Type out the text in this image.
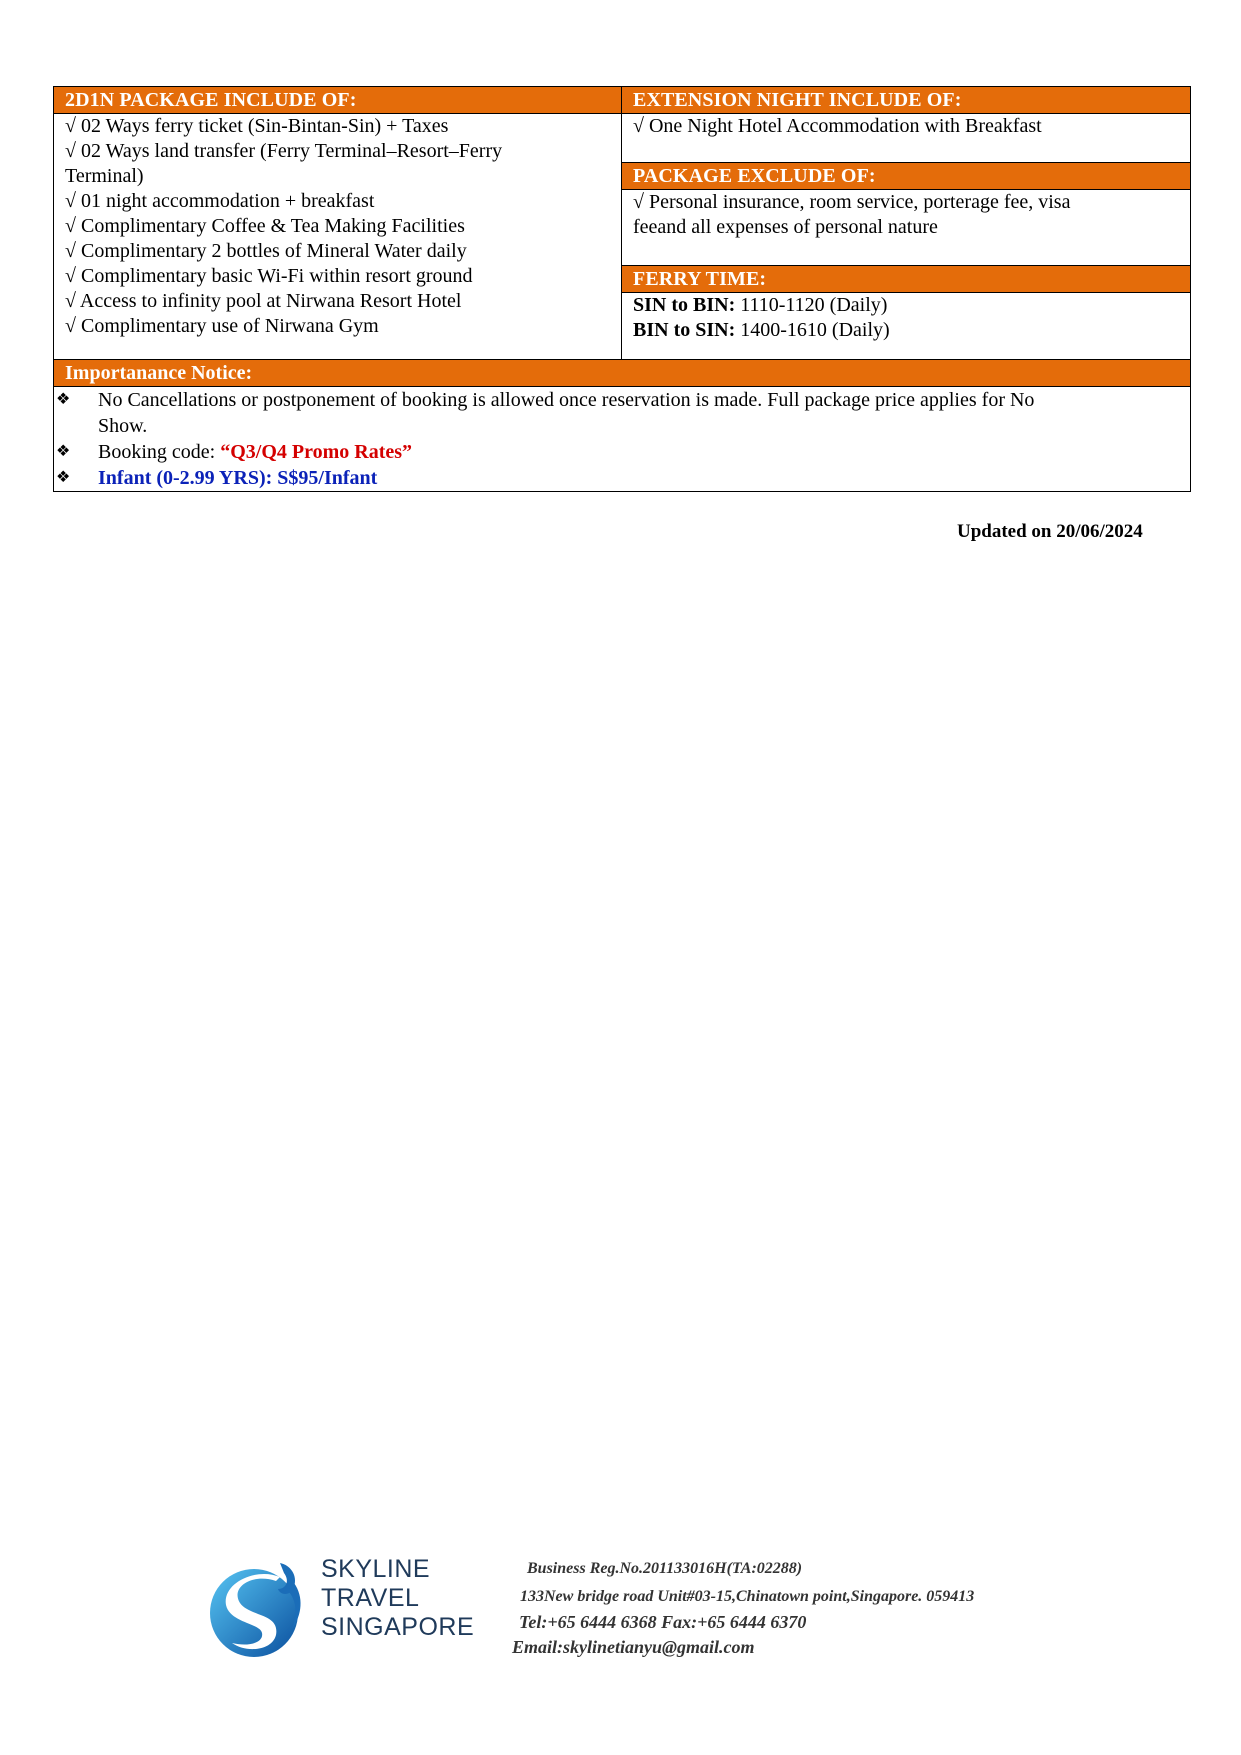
2D1N PACKAGE INCLUDE OF:
√ 02 Ways ferry ticket (Sin-Bintan-Sin) + Taxes
√ 02 Ways land transfer (Ferry Terminal–Resort–Ferry
Terminal)
√ 01 night accommodation + breakfast
√ Complimentary Coffee & Tea Making Facilities
√ Complimentary 2 bottles of Mineral Water daily
√ Complimentary basic Wi-Fi within resort ground
√ Access to infinity pool at Nirwana Resort Hotel
√ Complimentary use of Nirwana Gym
EXTENSION NIGHT INCLUDE OF:
√ One Night Hotel Accommodation with Breakfast
PACKAGE EXCLUDE OF:
√ Personal insurance, room service, porterage fee, visa
feeand all expenses of personal nature
FERRY TIME:
SIN to BIN: 1110-1120 (Daily)
BIN to SIN: 1400-1610 (Daily)
Importanance Notice:
❖	No Cancellations or postponement of booking is allowed once reservation is made. Full package price applies for No
Show.
❖	Booking code: “Q3/Q4 Promo Rates”
❖	Infant (0-2.99 YRS): S$95/Infant
Updated on 20/06/2024
SKYLINE
TRAVEL
SINGAPORE
Business Reg.No.201133016H(TA:02288)
133New bridge road Unit#03-15,Chinatown point,Singapore. 059413
Tel:+65 6444 6368 Fax:+65 6444 6370
Email:skylinetianyu@gmail.com
